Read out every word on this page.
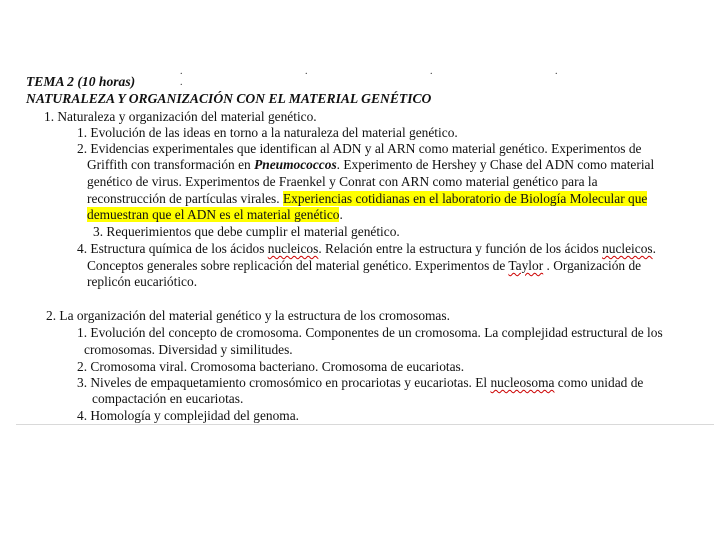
. . . . .
TEMA 2 (10 horas)
NATURALEZA Y ORGANIZACIÓN CON EL MATERIAL GENÉTICO
1. Naturaleza y organización del material genético.
1. Evolución de las ideas en torno a la naturaleza del material genético.
2. Evidencias experimentales que identifican al ADN y al ARN como material genético. Experimentos de
Griffith con transformación en Pneumococcos. Experimento de Hershey y Chase del ADN como material
genético de virus. Experimentos de Fraenkel y Conrat con ARN como material genético para la
reconstrucción de partículas virales. Experiencias cotidianas en el laboratorio de Biología Molecular que
demuestran que el ADN es el material genético.
3. Requerimientos que debe cumplir el material genético.
4. Estructura química de los ácidos nucleicos. Relación entre la estructura y función de los ácidos nucleicos.
Conceptos generales sobre replicación del material genético. Experimentos de Taylor . Organización de
replicón eucariótico.
2. La organización del material genético y la estructura de los cromosomas.
1. Evolución del concepto de cromosoma. Componentes de un cromosoma. La complejidad estructural de los
cromosomas. Diversidad y similitudes.
2. Cromosoma viral. Cromosoma bacteriano. Cromosoma de eucariotas.
3. Niveles de empaquetamiento cromosómico en procariotas y eucariotas. El nucleosoma como unidad de
compactación en eucariotas.
4. Homología y complejidad del genoma.
